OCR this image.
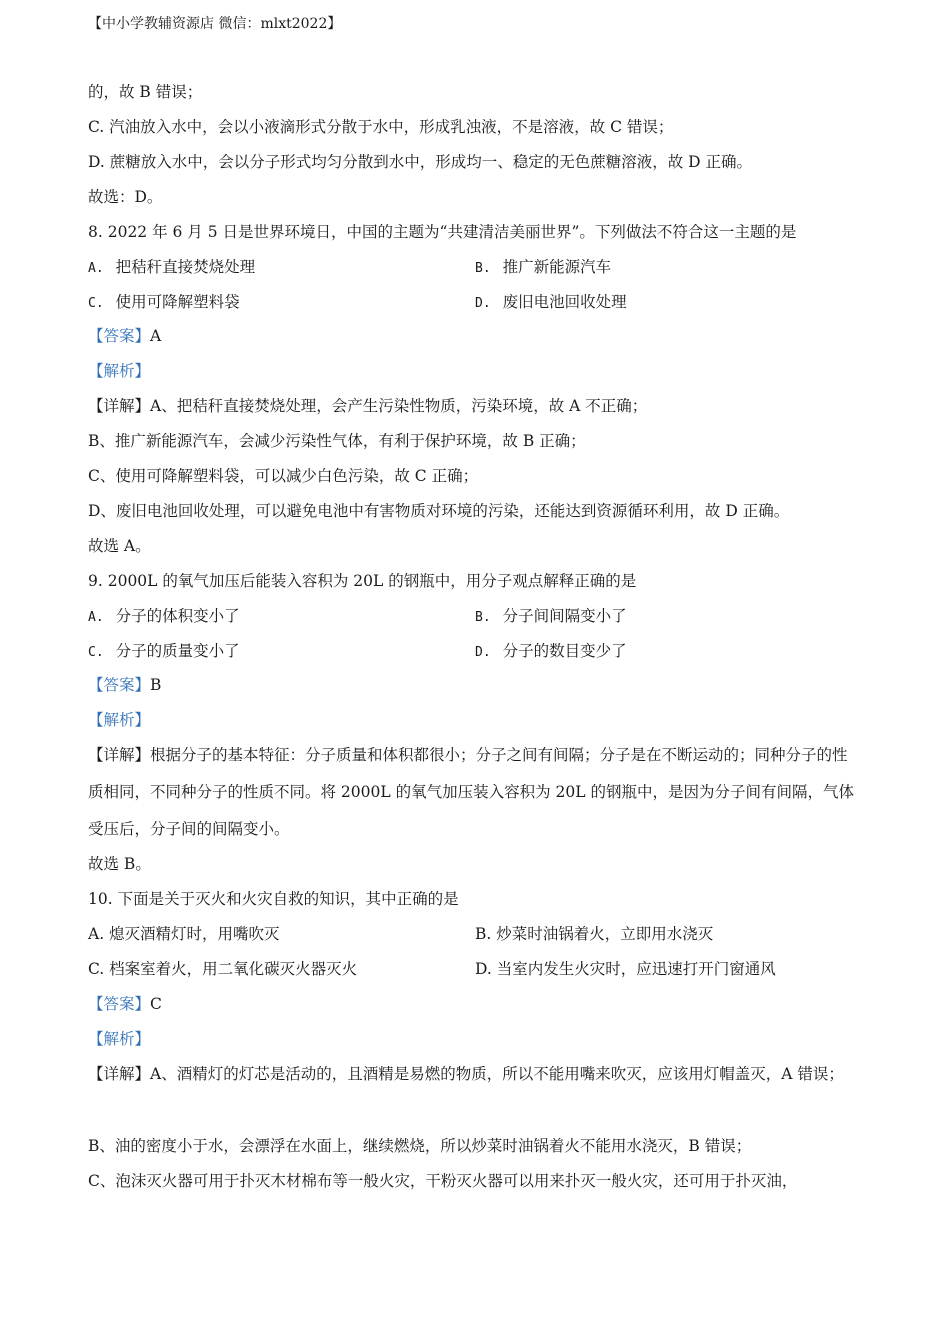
【中小学教辅资源店 微信：mlxt2022】
的，故 B 错误；
C. 汽油放入水中，会以小液滴形式分散于水中，形成乳浊液，不是溶液，故 C 错误；
D. 蔗糖放入水中，会以分子形式均匀分散到水中，形成均一、稳定的无色蔗糖溶液，故 D 正确。
故选：D。
8. 2022 年 6 月 5 日是世界环境日，中国的主题为“共建清洁美丽世界”。下列做法不符合这一主题的是
A. 把秸秆直接焚烧处理	B. 推广新能源汽车
C. 使用可降解塑料袋	D. 废旧电池回收处理
【答案】A
【解析】
【详解】A、把秸秆直接焚烧处理，会产生污染性物质，污染环境，故 A 不正确；
B、推广新能源汽车，会减少污染性气体，有利于保护环境，故 B 正确；
C、使用可降解塑料袋，可以减少白色污染，故 C 正确；
D、废旧电池回收处理，可以避免电池中有害物质对环境的污染，还能达到资源循环利用，故 D 正确。
故选 A。
9. 2000L 的氧气加压后能装入容积为 20L 的钢瓶中，用分子观点解释正确的是
A. 分子的体积变小了	B. 分子间间隔变小了
C. 分子的质量变小了	D. 分子的数目变少了
【答案】B
【解析】
【详解】根据分子的基本特征：分子质量和体积都很小；分子之间有间隔；分子是在不断运动的；同种分子的性质相同，不同种分子的性质不同。将 2000L 的氧气加压装入容积为 20L 的钢瓶中，是因为分子间有间隔，气体受压后，分子间的间隔变小。
故选 B。
10. 下面是关于灭火和火灾自救的知识，其中正确的是
A. 熄灭酒精灯时，用嘴吹灭	B. 炒菜时油锅着火，立即用水浇灭
C. 档案室着火，用二氧化碳灭火器灭火	D. 当室内发生火灾时，应迅速打开门窗通风
【答案】C
【解析】
【详解】A、酒精灯的灯芯是活动的，且酒精是易燃的物质，所以不能用嘴来吹灭，应该用灯帽盖灭，A 错误；
B、油的密度小于水，会漂浮在水面上，继续燃烧，所以炒菜时油锅着火不能用水浇灭，B 错误；
C、泡沫灭火器可用于扑灭木材棉布等一般火灾，干粉灭火器可以用来扑灭一般火灾，还可用于扑灭油，
